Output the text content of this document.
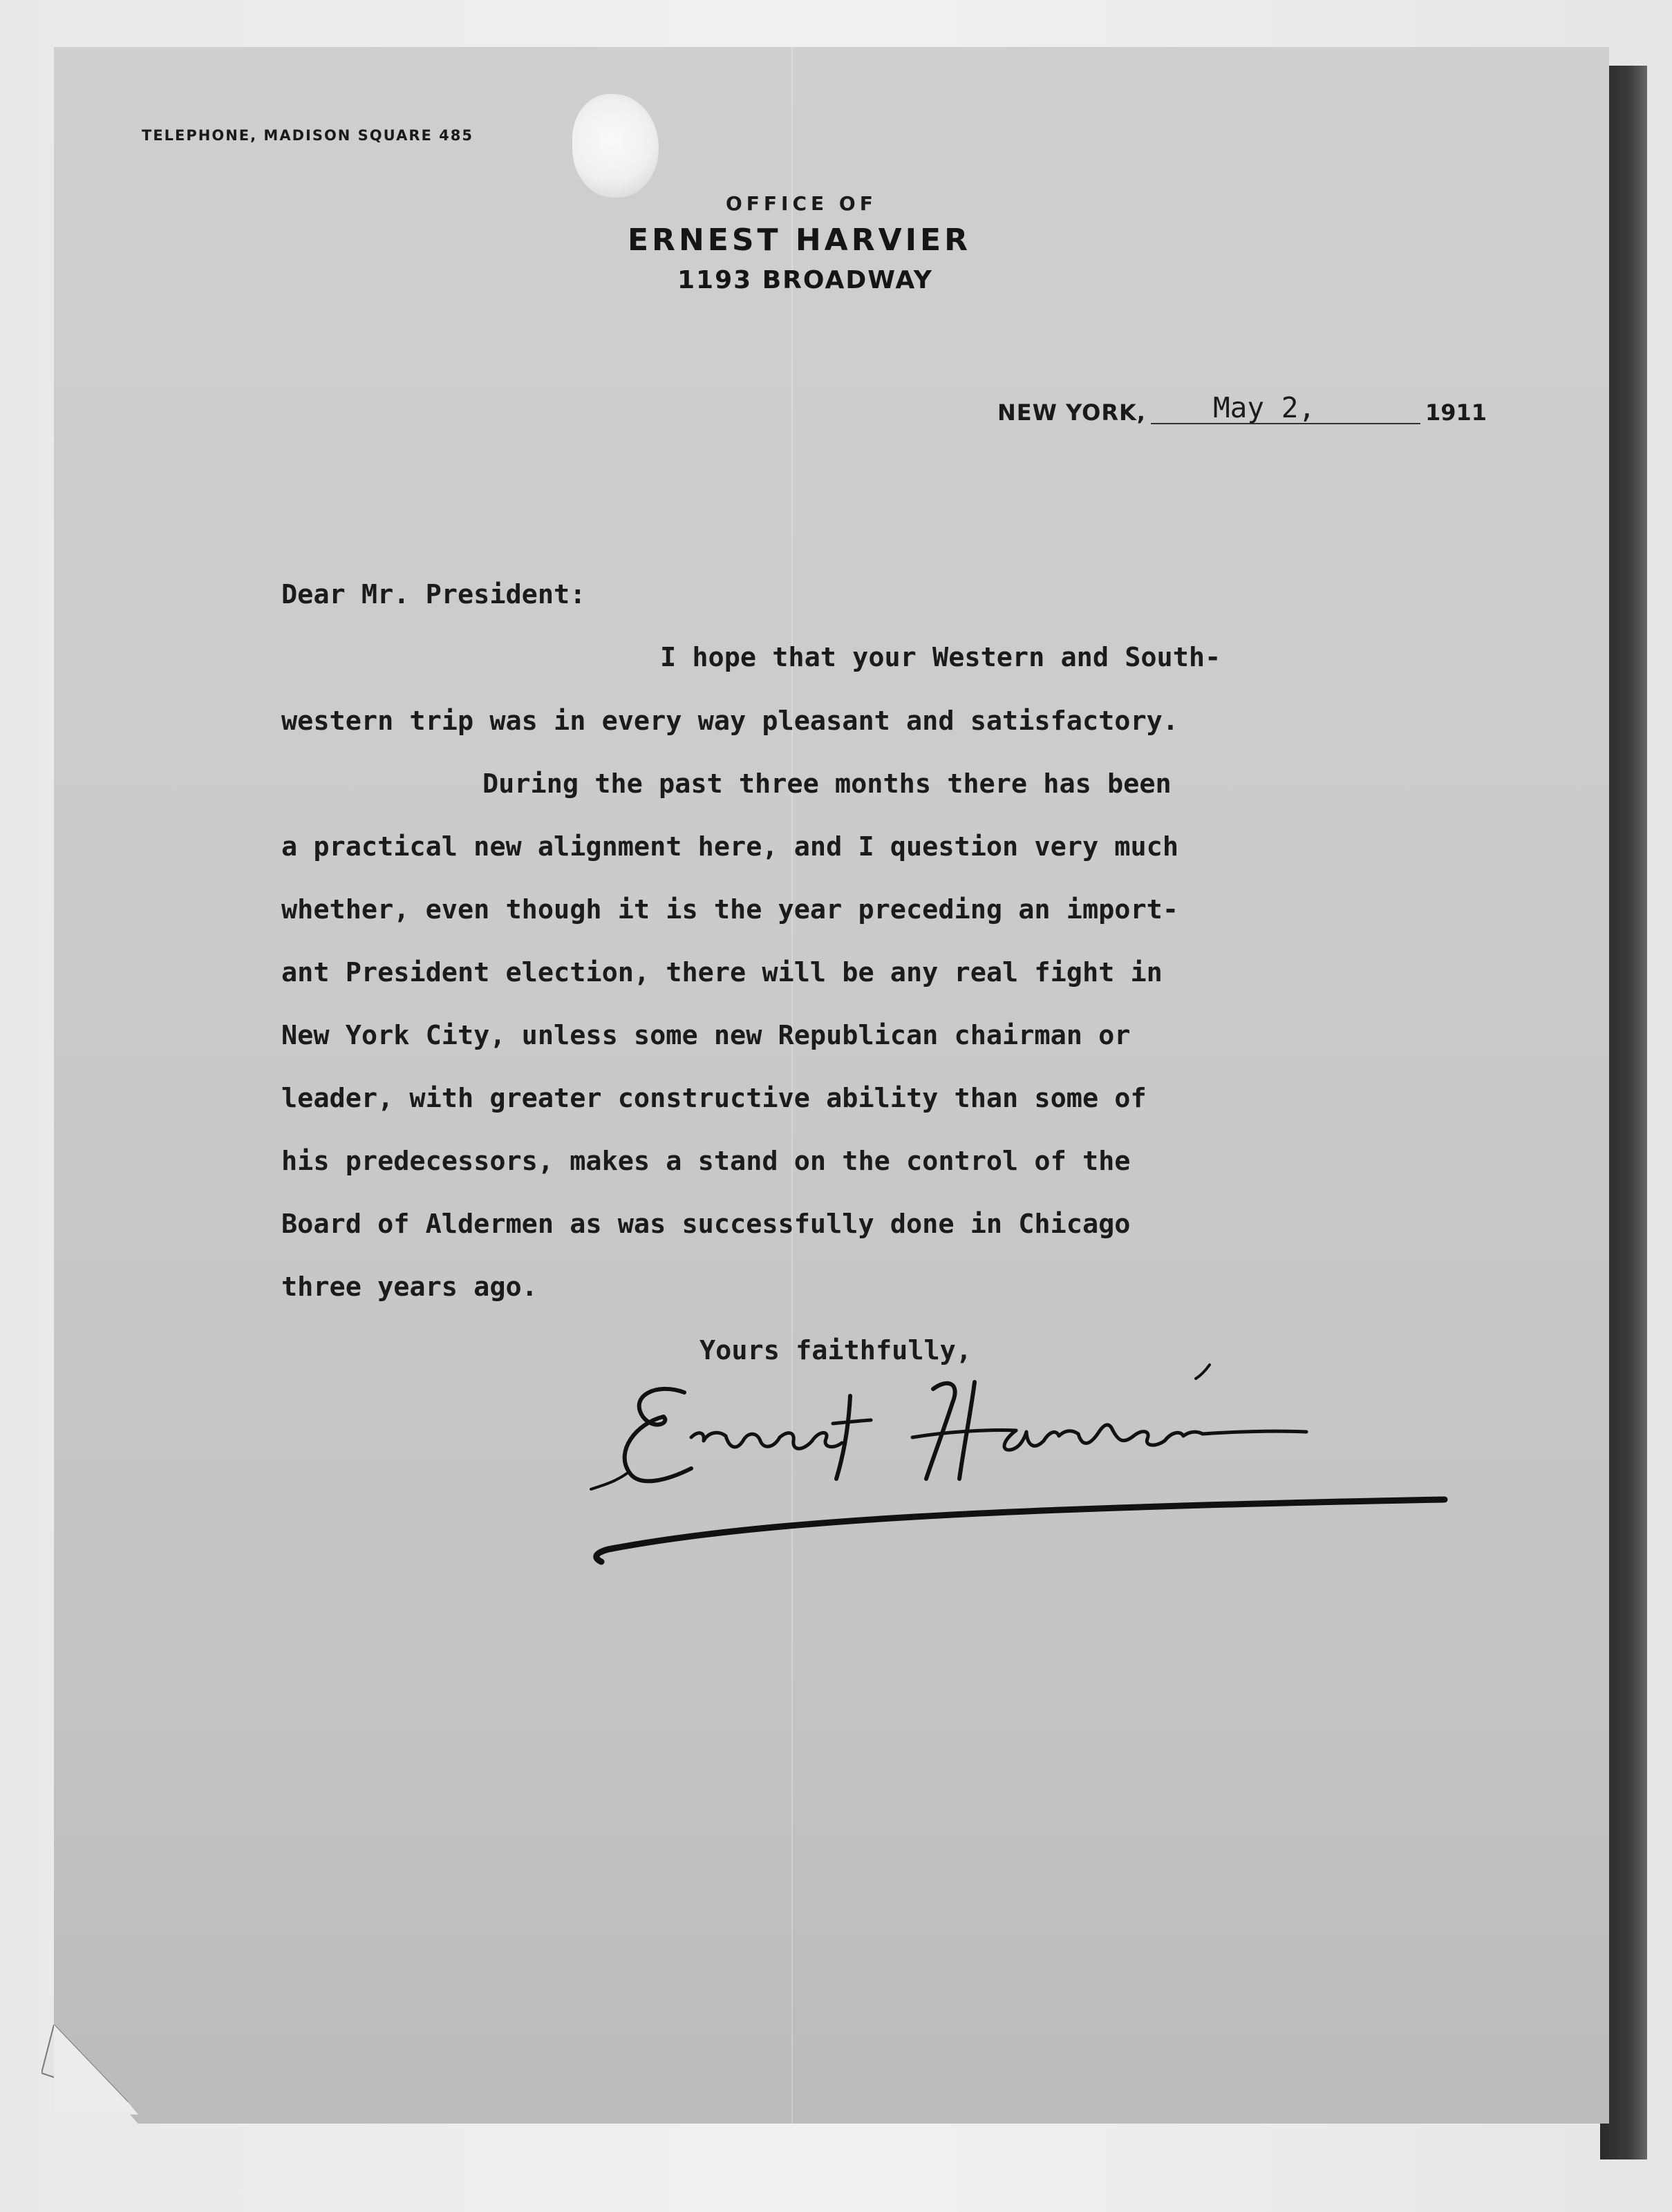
TELEPHONE, MADISON SQUARE 485
OFFICE OF
ERNEST HARVIER
1193 BROADWAY
NEW YORK, May 2,	1911
Dear Mr. President:
I hope that your Western and South-
western trip was in every way pleasant and satisfactory.
During the past three months there has been
a practical new alignment here, and I question very much
whether, even though it is the year preceding an import-
ant President election, there will be any real fight in
New York City, unless some new Republican chairman or
leader, with greater constructive ability than some of
his predecessors, makes a stand on the control of the
Board of Aldermen as was successfully done in Chicago
three years ago.
Yours faithfully,
